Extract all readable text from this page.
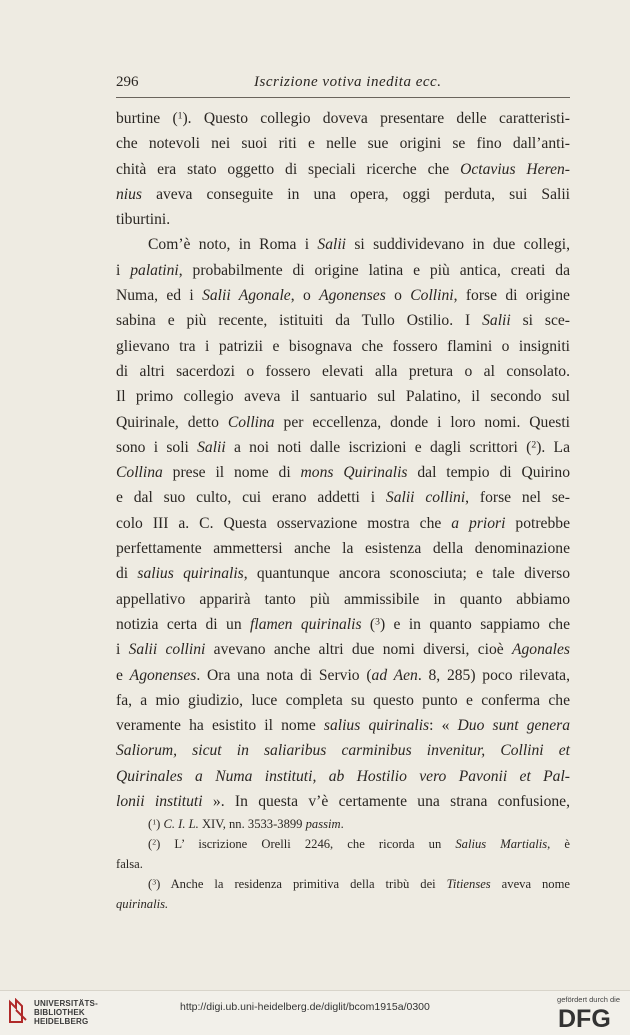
296	Iscrizione votiva inedita ecc.
burtine ($^1$). Questo collegio doveva presentare delle caratteristi-
che notevoli nei suoi riti e nelle sue origini se fino dall’anti-
chità era stato oggetto di speciali ricerche che Octavius Heren-
nius aveva conseguite in una opera, oggi perduta, sui Salii
tiburtini.
Com’è noto, in Roma i Salii si suddividevano in due collegi,
i palatini, probabilmente di origine latina e più antica, creati da
Numa, ed i Salii Agonale, o Agonenses o Collini, forse di origine
sabina e più recente, istituiti da Tullo Ostilio. I Salii si sce-
glievano tra i patrizii e bisognava che fossero flamini o insigniti
di altri sacerdozi o fossero elevati alla pretura o al consolato.
Il primo collegio aveva il santuario sul Palatino, il secondo sul
Quirinale, detto Collina per eccellenza, donde i loro nomi. Questi
sono i soli Salii a noi noti dalle iscrizioni e dagli scrittori ($^2$). La
Collina prese il nome di mons Quirinalis dal tempio di Quirino
e dal suo culto, cui erano addetti i Salii collini, forse nel se-
colo III a. C. Questa osservazione mostra che a priori potrebbe
perfettamente ammettersi anche la esistenza della denominazione
di salius quirinalis, quantunque ancora sconosciuta; e tale diverso
appellativo apparirà tanto più ammissibile in quanto abbiamo
notizia certa di un flamen quirinalis ($^3$) e in quanto sappiamo che
i Salii collini avevano anche altri due nomi diversi, cioè Agonales
e Agonenses. Ora una nota di Servio (ad Aen. 8, 285) poco rilevata,
fa, a mio giudizio, luce completa su questo punto e conferma che
veramente ha esistito il nome salius quirinalis: « Duo sunt genera
Saliorum, sicut in saliaribus carminibus invenitur, Collini et
Quirinales a Numa instituti, ab Hostilio vero Pavonii et Pal-
lonii instituti ». In questa v’è certamente una strana confusione,
($^1$) C. I. L. XIV, nn. 3533-3899 passim.
($^2$) L’ iscrizione Orelli 2246, che ricorda un Salius Martialis, è
falsa.
($^3$) Anche la residenza primitiva della tribù dei Titienses aveva nome
quirinalis.
UNIVERSITÄTS-
BIBLIOTHEK
HEIDELBERG
http://digi.ub.uni-heidelberg.de/diglit/bcom1915a/0300
gefördert durch die
DFG
